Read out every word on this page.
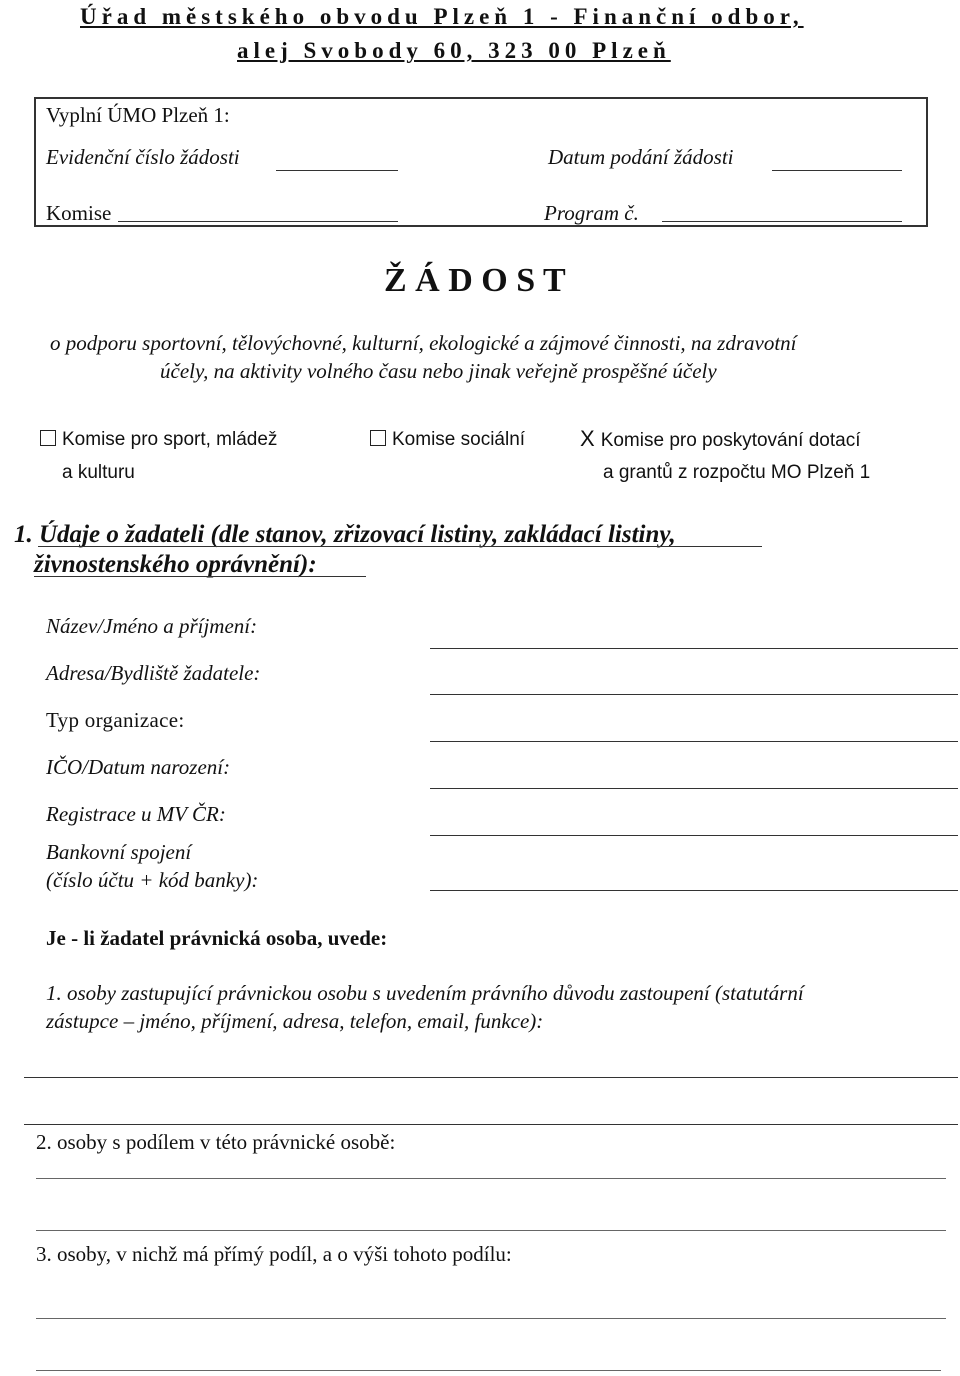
Úřad městského obvodu Plzeň 1 - Finanční odbor,
alej Svobody 60, 323 00 Plzeň
Vyplní ÚMO Plzeň 1:
Evidenční číslo žádosti	Datum podání žádosti
Komise	Program č.
Ž Á D O S T
o podporu sportovní, tělovýchovné, kulturní, ekologické a zájmové činnosti, na zdravotní
účely, na aktivity volného času nebo jinak veřejně prospěšné účely
Komise pro sport, mládež
a kulturu
Komise sociální X Komise pro poskytování dotací
a grantů z rozpočtu MO Plzeň 1
1. Údaje o žadateli (dle stanov, zřizovací listiny, zakládací listiny,
živnostenského oprávnění):
Název/Jméno a příjmení:
Adresa/Bydliště žadatele:
Typ organizace:
IČO/Datum narození:
Registrace u MV ČR:
Bankovní spojení
(číslo účtu + kód banky):
Je - li žadatel právnická osoba, uvede:
1. osoby zastupující právnickou osobu s uvedením právního důvodu zastoupení (statutární
zástupce – jméno, příjmení, adresa, telefon, email, funkce):
2. osoby s podílem v této právnické osobě:
3. osoby, v nichž má přímý podíl, a o výši tohoto podílu:
